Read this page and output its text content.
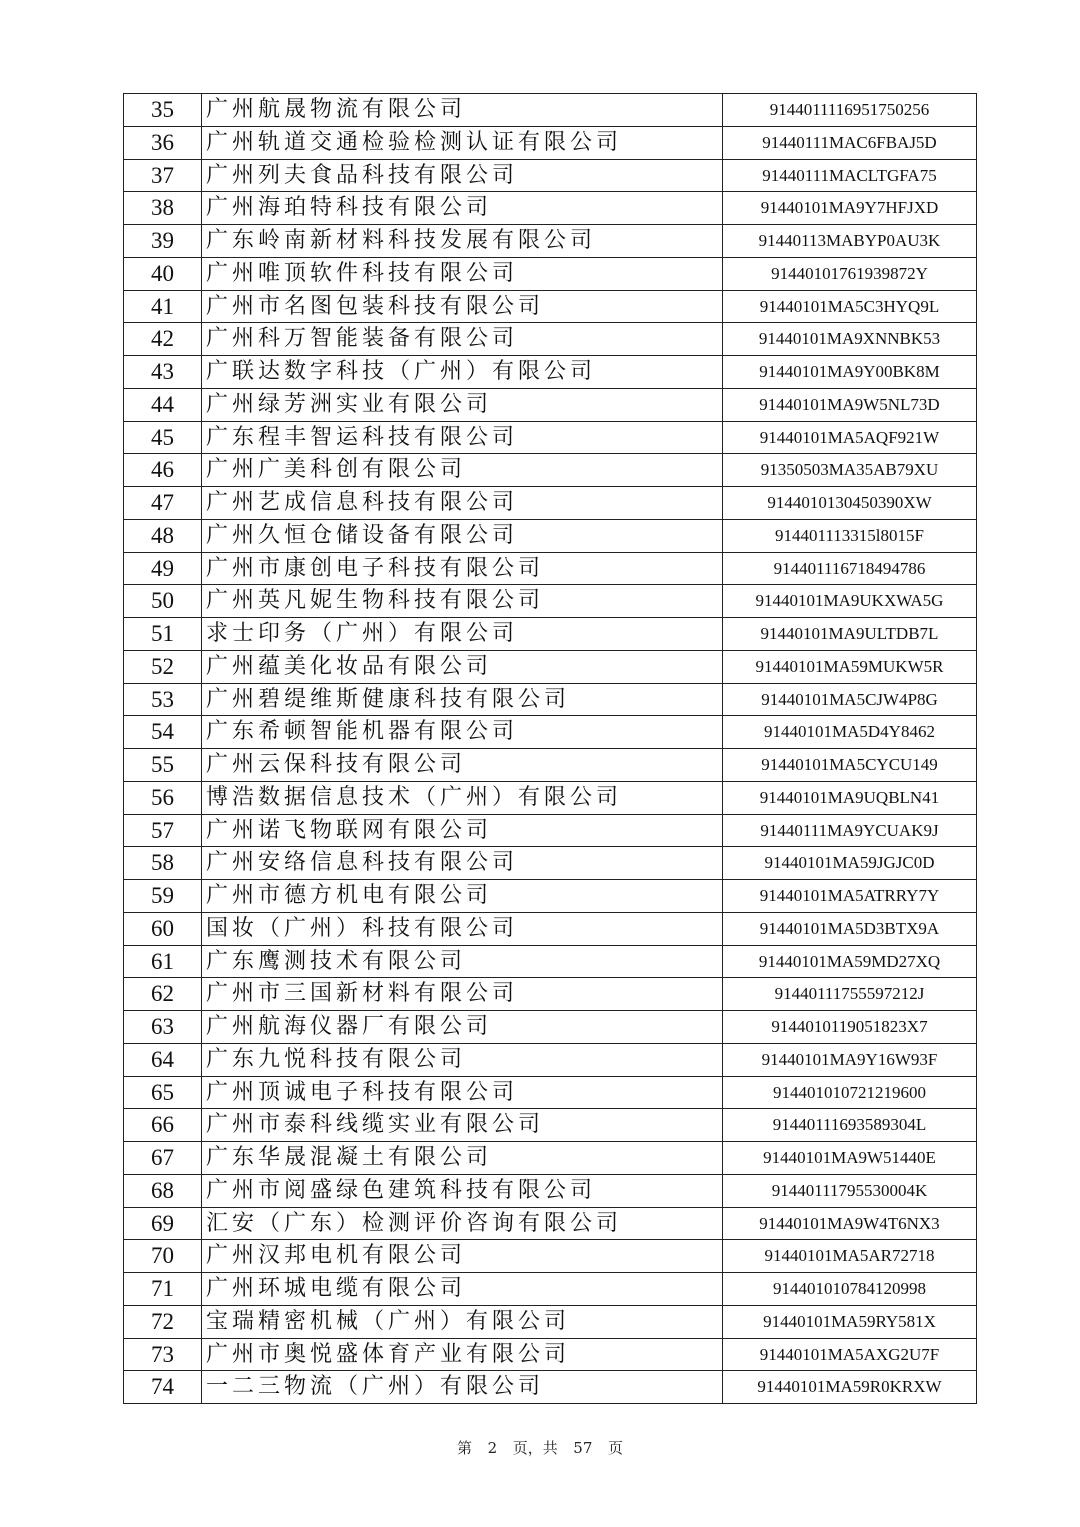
35	广州航晟物流有限公司	9144011116951750256
36	广州轨道交通检验检测认证有限公司	91440111MAC6FBAJ5D
37	广州列夫食品科技有限公司	91440111MACLTGFA75
38	广州海珀特科技有限公司	91440101MA9Y7HFJXD
39	广东岭南新材料科技发展有限公司	91440113MABYP0AU3K
40	广州唯顶软件科技有限公司	91440101761939872Y
41	广州市名图包装科技有限公司	91440101MA5C3HYQ9L
42	广州科万智能装备有限公司	91440101MA9XNNBK53
43	广联达数字科技（广州）有限公司	91440101MA9Y00BK8M
44	广州绿芳洲实业有限公司	91440101MA9W5NL73D
45	广东程丰智运科技有限公司	91440101MA5AQF921W
46	广州广美科创有限公司	91350503MA35AB79XU
47	广州艺成信息科技有限公司	9144010130450390XW
48	广州久恒仓储设备有限公司	914401113315l8015F
49	广州市康创电子科技有限公司	914401116718494786
50	广州英凡妮生物科技有限公司	91440101MA9UKXWA5G
51	求士印务（广州）有限公司	91440101MA9ULTDB7L
52	广州蕴美化妆品有限公司	91440101MA59MUKW5R
53	广州碧缇维斯健康科技有限公司	91440101MA5CJW4P8G
54	广东希顿智能机器有限公司	91440101MA5D4Y8462
55	广州云保科技有限公司	91440101MA5CYCU149
56	博浩数据信息技术（广州）有限公司	91440101MA9UQBLN41
57	广州诺飞物联网有限公司	91440111MA9YCUAK9J
58	广州安络信息科技有限公司	91440101MA59JGJC0D
59	广州市德方机电有限公司	91440101MA5ATRRY7Y
60	国妆（广州）科技有限公司	91440101MA5D3BTX9A
61	广东鹰测技术有限公司	91440101MA59MD27XQ
62	广州市三国新材料有限公司	91440111755597212J
63	广州航海仪器厂有限公司	9144010119051823X7
64	广东九悦科技有限公司	91440101MA9Y16W93F
65	广州顶诚电子科技有限公司	914401010721219600
66	广州市泰科线缆实业有限公司	91440111693589304L
67	广东华晟混凝土有限公司	91440101MA9W51440E
68	广州市阅盛绿色建筑科技有限公司	91440111795530004K
69	汇安（广东）检测评价咨询有限公司	91440101MA9W4T6NX3
70	广州汉邦电机有限公司	91440101MA5AR72718
71	广州环城电缆有限公司	914401010784120998
72	宝瑞精密机械（广州）有限公司	91440101MA59RY581X
73	广州市奥悦盛体育产业有限公司	91440101MA5AXG2U7F
74	一二三物流（广州）有限公司	91440101MA59R0KRXW
第 2 页，共 57 页
